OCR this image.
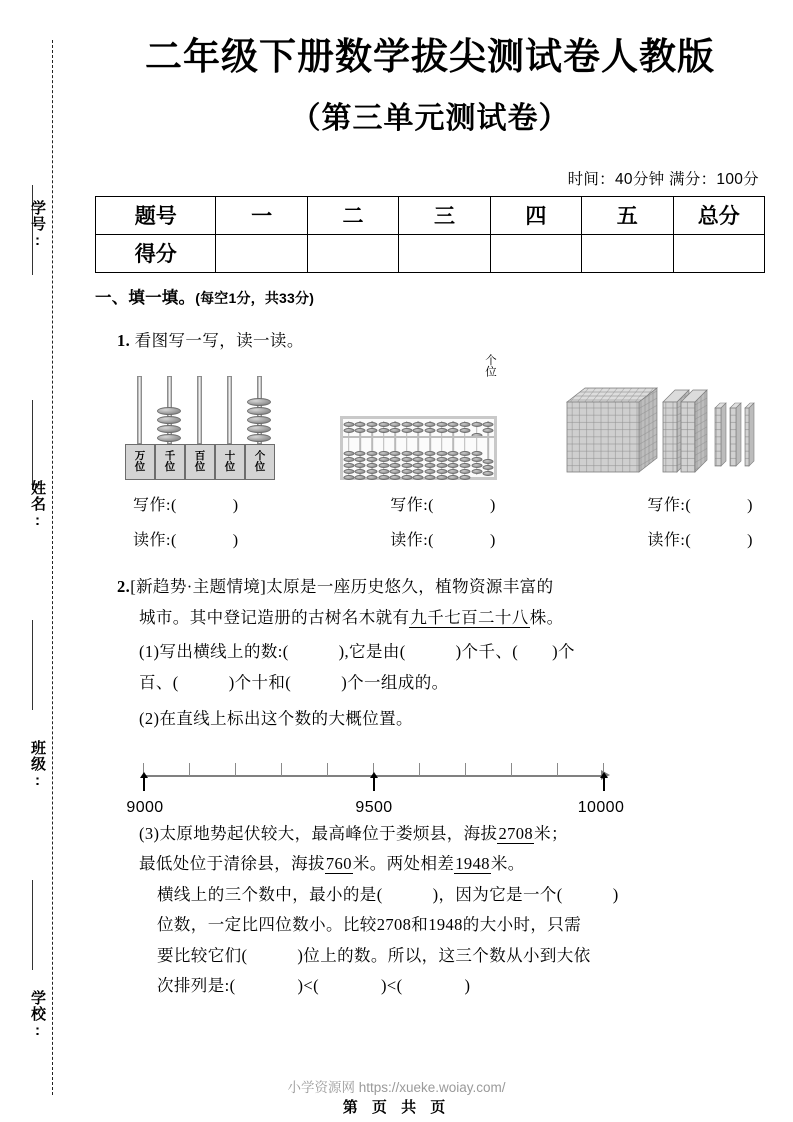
学号:
姓名:
班级:
学校:
二年级下册数学拔尖测试卷人教版
（第三单元测试卷）
时间：40分钟 满分：100分
题号	一	二	三	四	五	总分
得分						
一、填一填。(每空1分，共33分)
1. 看图写一写，读一读。
万
位
千
位
百
位
十
位
个
位
个位
写作:(	)	写作:(	)	写作:(	)
读作:(	)	读作:(	)	读作:(	)
2.[新趋势·主题情境]太原是一座历史悠久，植物资源丰富的
城市。其中登记造册的古树名木就有九千七百二十八株。
(1)写出横线上的数:(	),它是由(	)个千、( )个
百、(	)个十和(	)个一组成的。
(2)在直线上标出这个数的大概位置。
9000	9500	10000
(3)太原地势起伏较大，最高峰位于娄烦县，海拔2708米；
最低处位于清徐县，海拔760米。两处相差1948米。
横线上的三个数中，最小的是(	)，因为它是一个(	)
位数，一定比四位数小。比较2708和1948的大小时，只需
要比较它们(	)位上的数。所以，这三个数从小到大依
次排列是:(	)<(	)<(	)
小学资源网 https://xueke.woiay.com/
第 页 共 页
